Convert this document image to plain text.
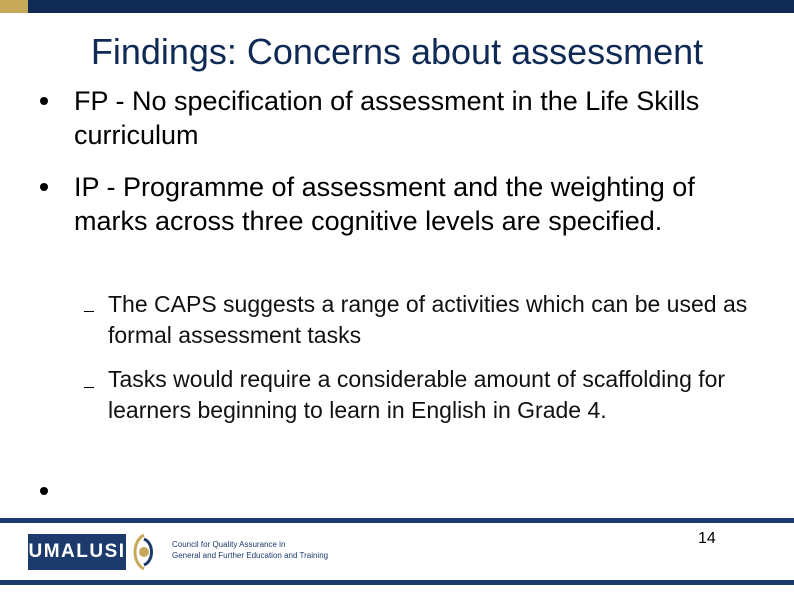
Findings: Concerns about assessment
FP - No specification of assessment in the Life Skills curriculum
IP - Programme of assessment and the weighting of marks across three cognitive levels are specified.
The CAPS suggests a range of activities which can be used as formal assessment tasks
Tasks would require a considerable amount of scaffolding for learners beginning to learn in English in Grade 4.
UMALUSI	Council for Quality Assurance in
General and Further Education and Training
14
